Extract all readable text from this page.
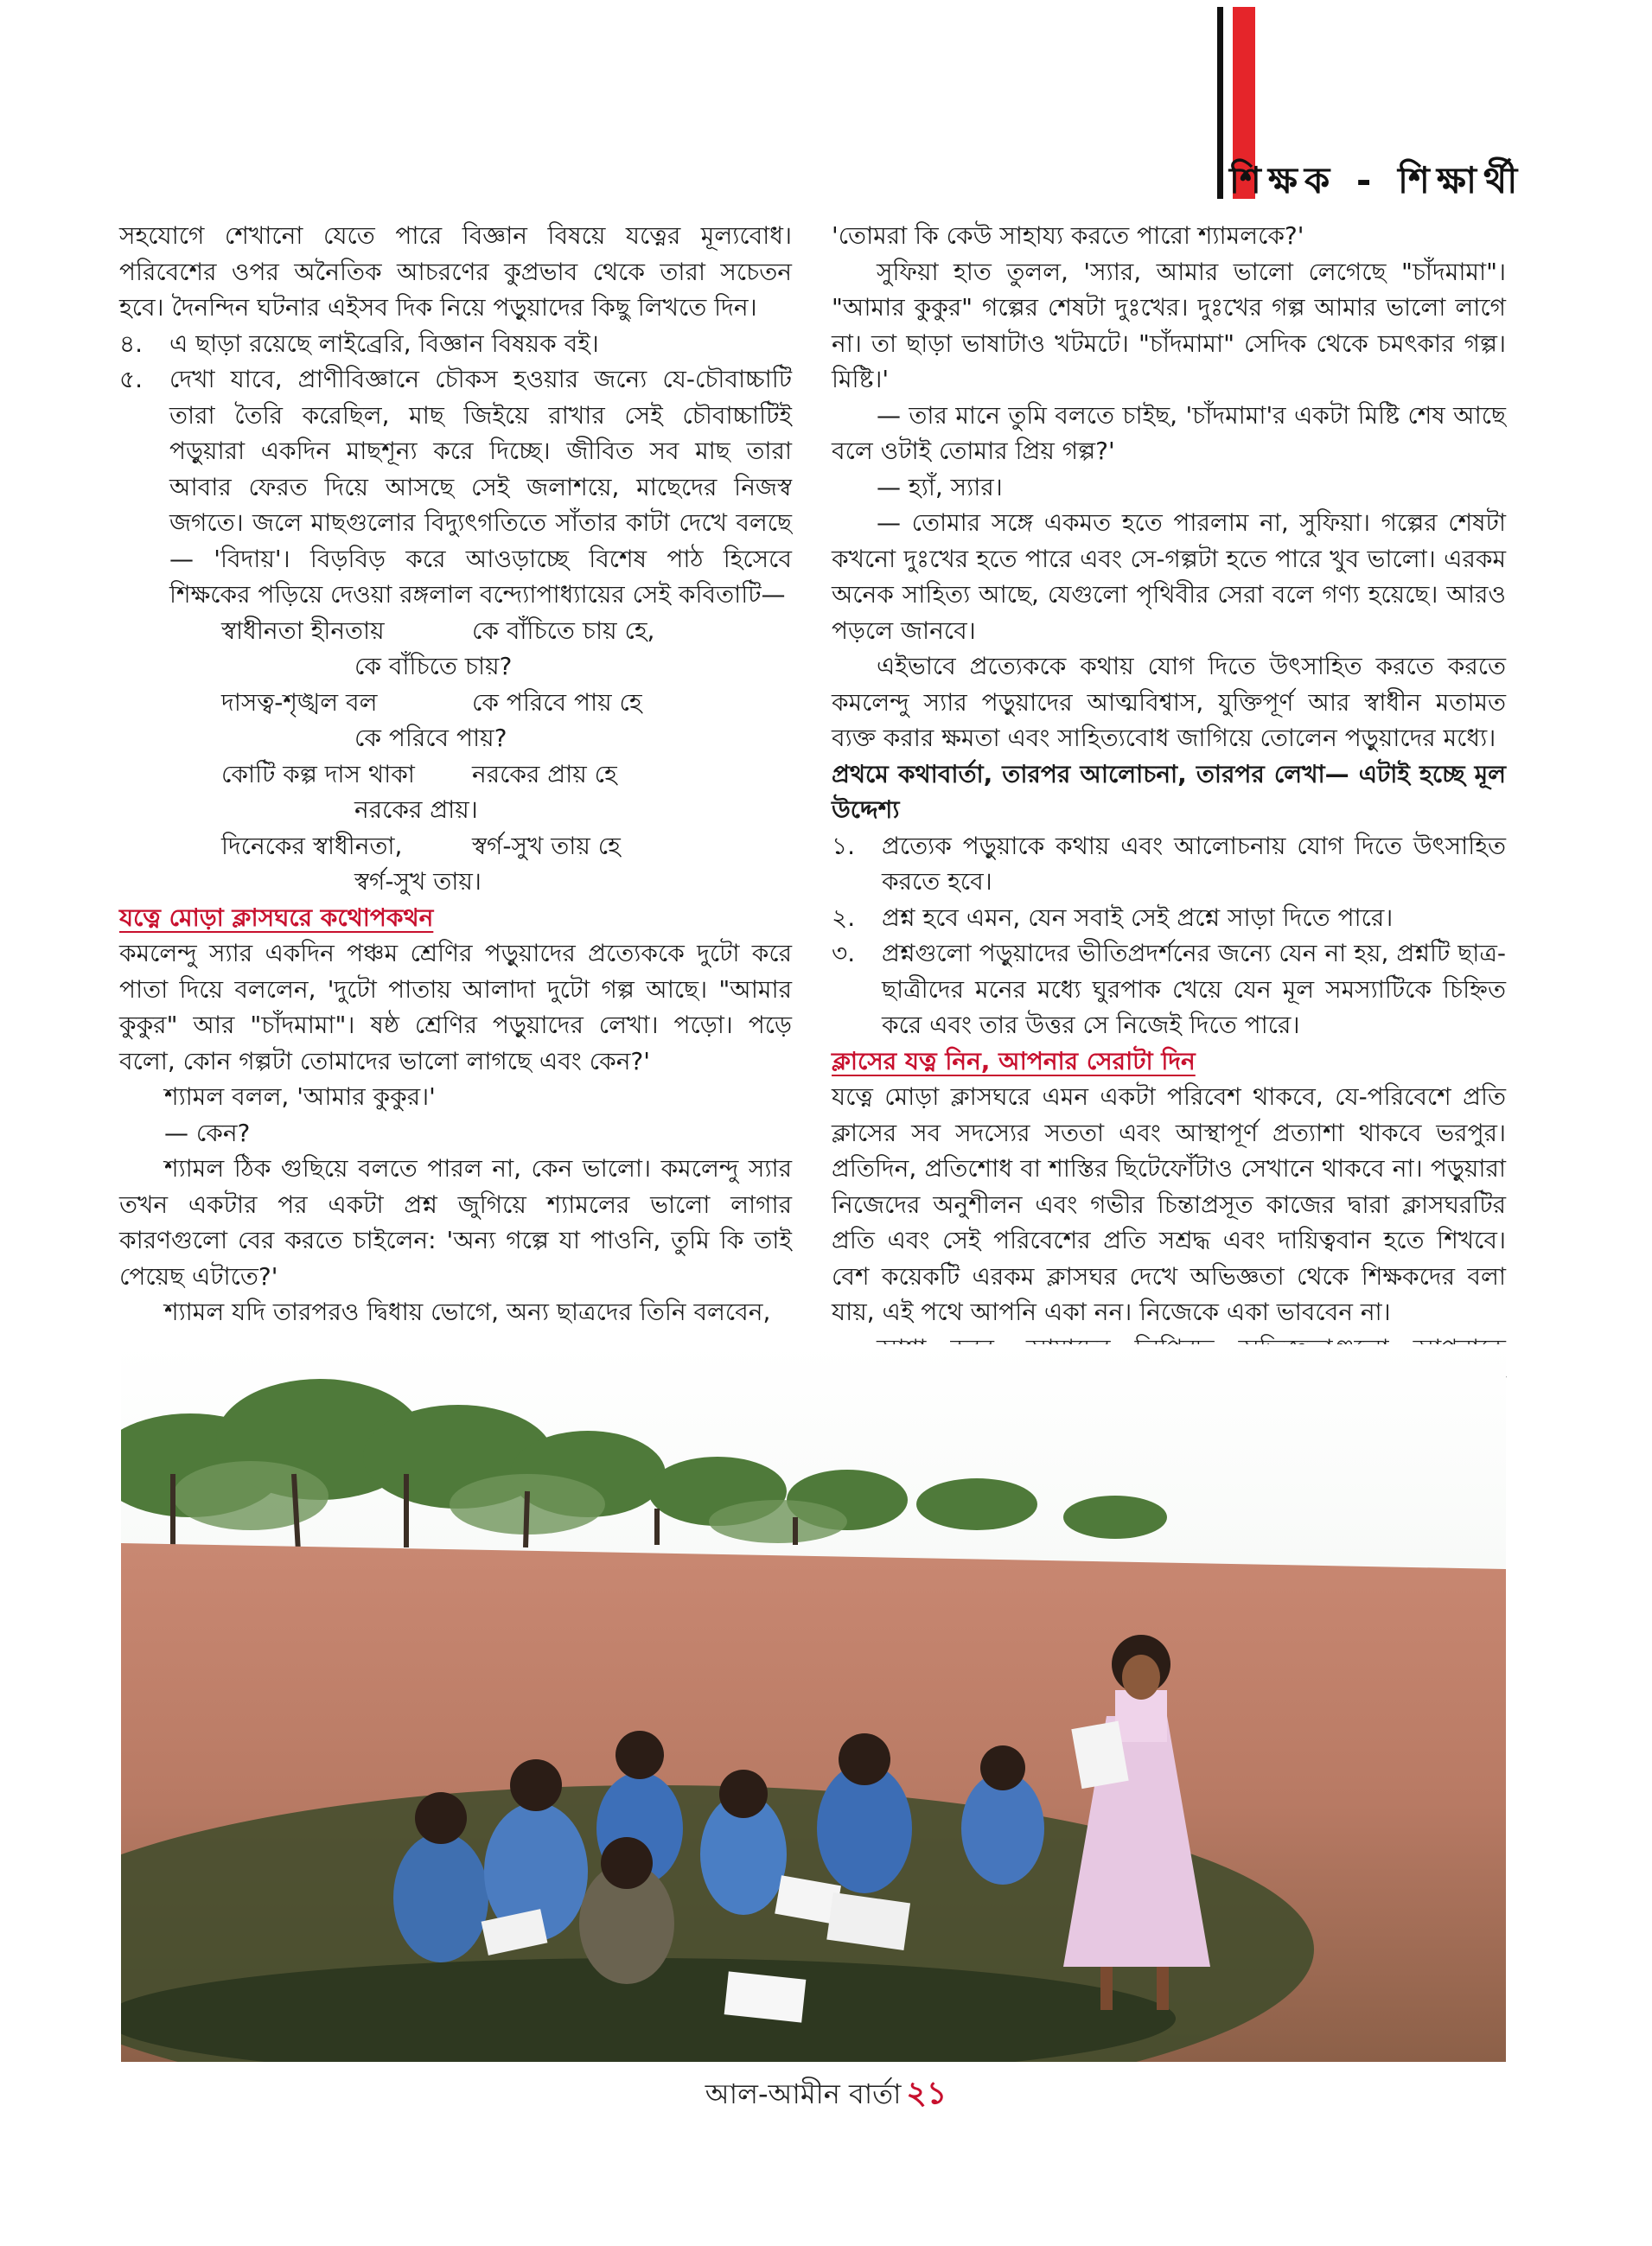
শিক্ষক - শিক্ষার্থী

সহযোগে শেখানো যেতে পারে বিজ্ঞান বিষয়ে যত্নের মূল্যবোধ। পরিবেশের ওপর অনৈতিক আচরণের কুপ্রভাব থেকে তারা সচেতন হবে। দৈনন্দিন ঘটনার এইসব দিক নিয়ে পড়ুয়াদের কিছু লিখতে দিন।

৪.	এ ছাড়া রয়েছে লাইব্রেরি, বিজ্ঞান বিষয়ক বই।
৫.	দেখা যাবে, প্রাণীবিজ্ঞানে চৌকস হওয়ার জন্যে যে-চৌবাচ্চাটি তারা তৈরি করেছিল, মাছ জিইয়ে রাখার সেই চৌবাচ্চাটিই পড়ুয়ারা একদিন মাছশূন্য করে দিচ্ছে। জীবিত সব মাছ তারা আবার ফেরত দিয়ে আসছে সেই জলাশয়ে, মাছেদের নিজস্ব জগতে। জলে মাছগুলোর বিদ্যুৎগতিতে সাঁতার কাটা দেখে বলছে— 'বিদায়'। বিড়বিড় করে আওড়াচ্ছে বিশেষ পাঠ হিসেবে শিক্ষকের পড়িয়ে দেওয়া রঙ্গলাল বন্দ্যোপাধ্যায়ের সেই কবিতাটি—
স্বাধীনতা হীনতায়	কে বাঁচিতে চায় হে,
কে বাঁচিতে চায়?
দাসত্ব-শৃঙ্খল বল	কে পরিবে পায় হে
কে পরিবে পায়?
কোটি কল্প দাস থাকা	নরকের প্রায় হে
নরকের প্রায়।
দিনেকের স্বাধীনতা,	স্বর্গ-সুখ তায় হে
স্বর্গ-সুখ তায়।

যত্নে মোড়া ক্লাসঘরে কথোপকথন

কমলেন্দু স্যার একদিন পঞ্চম শ্রেণির পড়ুয়াদের প্রত্যেককে দুটো করে পাতা দিয়ে বললেন, 'দুটো পাতায় আলাদা দুটো গল্প আছে। "আমার কুকুর" আর "চাঁদমামা"। ষষ্ঠ শ্রেণির পড়ুয়াদের লেখা। পড়ো। পড়ে বলো, কোন গল্পটা তোমাদের ভালো লাগছে এবং কেন?'

শ্যামল বলল, 'আমার কুকুর।'

— কেন?

শ্যামল ঠিক গুছিয়ে বলতে পারল না, কেন ভালো। কমলেন্দু স্যার তখন একটার পর একটা প্রশ্ন জুগিয়ে শ্যামলের ভালো লাগার কারণগুলো বের করতে চাইলেন: 'অন্য গল্পে যা পাওনি, তুমি কি তাই পেয়েছ এটাতে?'

শ্যামল যদি তারপরও দ্বিধায় ভোগে, অন্য ছাত্রদের তিনি বলবেন,

'তোমরা কি কেউ সাহায্য করতে পারো শ্যামলকে?'

সুফিয়া হাত তুলল, 'স্যার, আমার ভালো লেগেছে "চাঁদমামা"। "আমার কুকুর" গল্পের শেষটা দুঃখের। দুঃখের গল্প আমার ভালো লাগে না। তা ছাড়া ভাষাটাও খটমটে। "চাঁদমামা" সেদিক থেকে চমৎকার গল্প। মিষ্টি।'

— তার মানে তুমি বলতে চাইছ, 'চাঁদমামা'র একটা মিষ্টি শেষ আছে বলে ওটাই তোমার প্রিয় গল্প?'

— হ্যাঁ, স্যার।

— তোমার সঙ্গে একমত হতে পারলাম না, সুফিয়া। গল্পের শেষটা কখনো দুঃখের হতে পারে এবং সে-গল্পটা হতে পারে খুব ভালো। এরকম অনেক সাহিত্য আছে, যেগুলো পৃথিবীর সেরা বলে গণ্য হয়েছে। আরও পড়লে জানবে।

এইভাবে প্রত্যেককে কথায় যোগ দিতে উৎসাহিত করতে করতে কমলেন্দু স্যার পড়ুয়াদের আত্মবিশ্বাস, যুক্তিপূর্ণ আর স্বাধীন মতামত ব্যক্ত করার ক্ষমতা এবং সাহিত্যবোধ জাগিয়ে তোলেন পড়ুয়াদের মধ্যে।

প্রথমে কথাবার্তা, তারপর আলোচনা, তারপর লেখা— এটাই হচ্ছে মূল উদ্দেশ্য

১.	প্রত্যেক পড়ুয়াকে কথায় এবং আলোচনায় যোগ দিতে উৎসাহিত করতে হবে।
২.	প্রশ্ন হবে এমন, যেন সবাই সেই প্রশ্নে সাড়া দিতে পারে।
৩.	প্রশ্নগুলো পড়ুয়াদের ভীতিপ্রদর্শনের জন্যে যেন না হয়, প্রশ্নটি ছাত্র-ছাত্রীদের মনের মধ্যে ঘুরপাক খেয়ে যেন মূল সমস্যাটিকে চিহ্নিত করে এবং তার উত্তর সে নিজেই দিতে পারে।

ক্লাসের যত্ন নিন, আপনার সেরাটা দিন

যত্নে মোড়া ক্লাসঘরে এমন একটা পরিবেশ থাকবে, যে-পরিবেশে প্রতি ক্লাসের সব সদস্যের সততা এবং আস্থাপূর্ণ প্রত্যাশা থাকবে ভরপুর। প্রতিদিন, প্রতিশোধ বা শাস্তির ছিটেফোঁটাও সেখানে থাকবে না। পড়ুয়ারা নিজেদের অনুশীলন এবং গভীর চিন্তাপ্রসূত কাজের দ্বারা ক্লাসঘরটির প্রতি এবং সেই পরিবেশের প্রতি সশ্রদ্ধ এবং দায়িত্ববান হতে শিখবে। বেশ কয়েকটি এরকম ক্লাসঘর দেখে অভিজ্ঞতা থেকে শিক্ষকদের বলা যায়, এই পথে আপনি একা নন। নিজেকে একা ভাববেন না।

আল-আমীন বার্তা ২১
